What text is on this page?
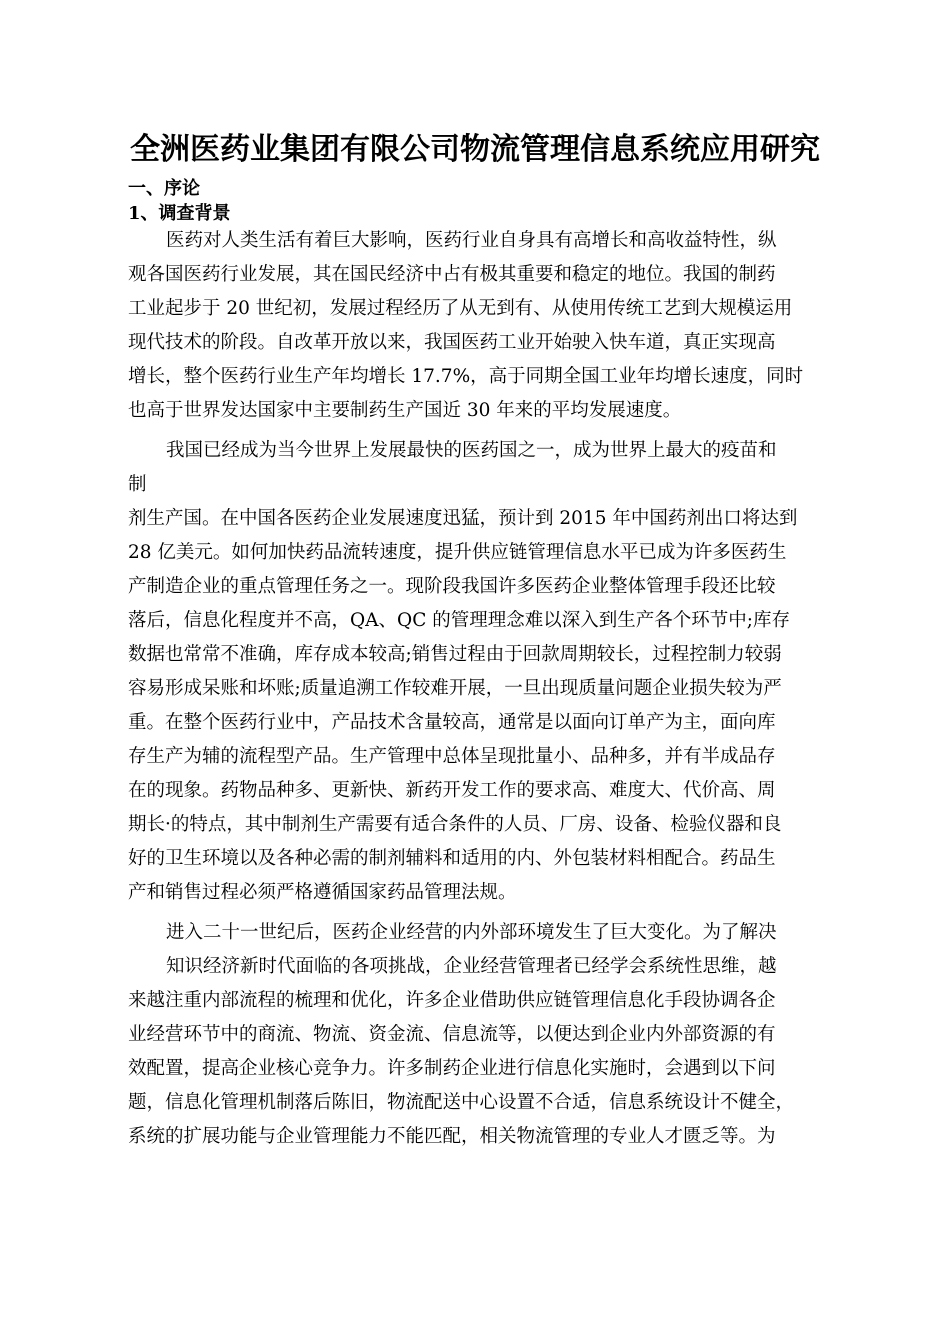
全洲医药业集团有限公司物流管理信息系统应用研究
一、序论
1、调查背景
医药对人类生活有着巨大影响，医药行业自身具有高增长和高收益特性，纵
观各国医药行业发展，其在国民经济中占有极其重要和稳定的地位。我国的制药
工业起步于 20 世纪初，发展过程经历了从无到有、从使用传统工艺到大规模运用
现代技术的阶段。自改革开放以来，我国医药工业开始驶入快车道，真正实现高
增长，整个医药行业生产年均增长 17.7%，高于同期全国工业年均增长速度，同时
也高于世界发达国家中主要制药生产国近 30 年来的平均发展速度。
我国已经成为当今世界上发展最快的医药国之一，成为世界上最大的疫苗和
制
剂生产国。在中国各医药企业发展速度迅猛，预计到 2015 年中国药剂出口将达到
28 亿美元。如何加快药品流转速度，提升供应链管理信息水平已成为许多医药生
产制造企业的重点管理任务之一。现阶段我国许多医药企业整体管理手段还比较
落后，信息化程度并不高，QA、QC 的管理理念难以深入到生产各个环节中;库存
数据也常常不准确，库存成本较高;销售过程由于回款周期较长，过程控制力较弱
容易形成呆账和坏账;质量追溯工作较难开展，一旦出现质量问题企业损失较为严
重。在整个医药行业中，产品技术含量较高，通常是以面向订单产为主，面向库
存生产为辅的流程型产品。生产管理中总体呈现批量小、品种多，并有半成品存
在的现象。药物品种多、更新快、新药开发工作的要求高、难度大、代价高、周
期长·的特点，其中制剂生产需要有适合条件的人员、厂房、设备、检验仪器和良
好的卫生环境以及各种必需的制剂辅料和适用的内、外包装材料相配合。药品生
产和销售过程必须严格遵循国家药品管理法规。
进入二十一世纪后，医药企业经营的内外部环境发生了巨大变化。为了解决
知识经济新时代面临的各项挑战，企业经营管理者已经学会系统性思维，越
来越注重内部流程的梳理和优化，许多企业借助供应链管理信息化手段协调各企
业经营环节中的商流、物流、资金流、信息流等，以便达到企业内外部资源的有
效配置，提高企业核心竞争力。许多制药企业进行信息化实施时，会遇到以下问
题，信息化管理机制落后陈旧，物流配送中心设置不合适，信息系统设计不健全，
系统的扩展功能与企业管理能力不能匹配，相关物流管理的专业人才匮乏等。为
